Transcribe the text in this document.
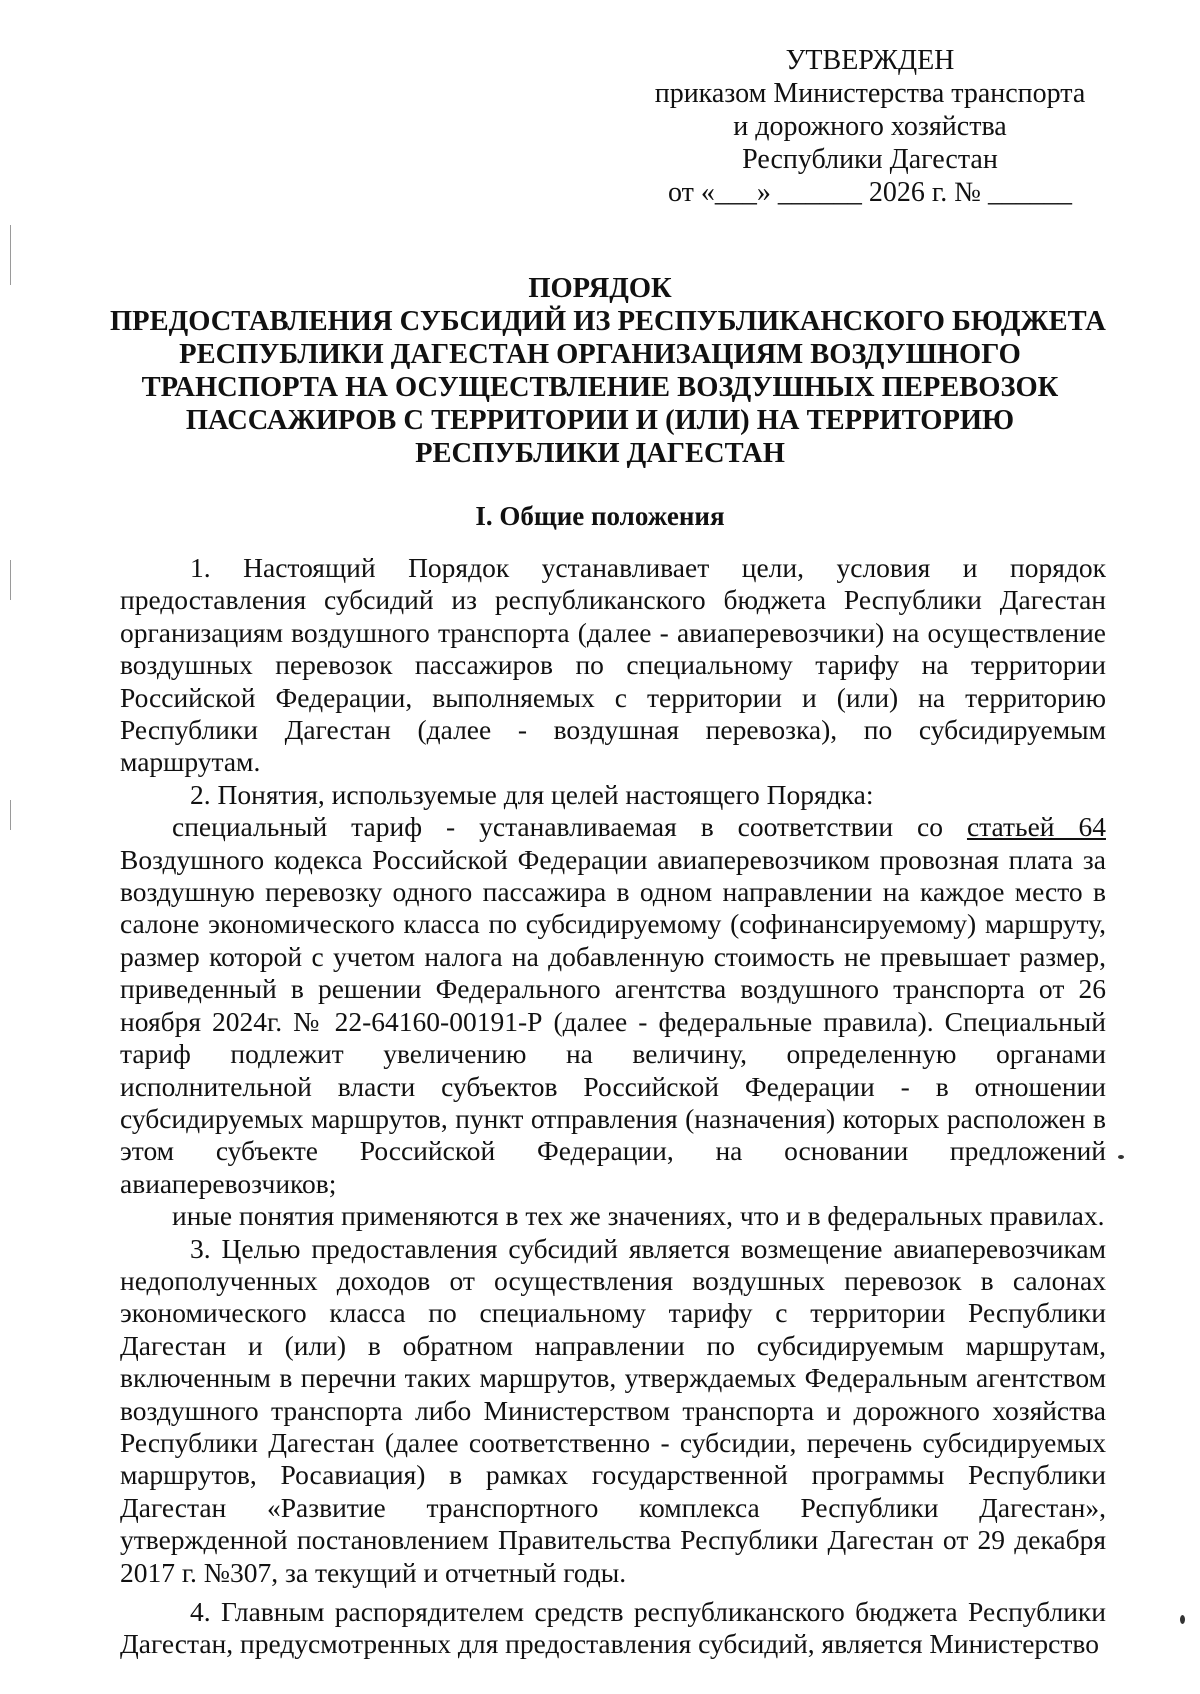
УТВЕРЖДЕН
приказом Министерства транспорта
и дорожного хозяйства
Республики Дагестан
от «___» ______ 2026 г. № ______
ПОРЯДОК
ПРЕДОСТАВЛЕНИЯ СУБСИДИЙ ИЗ РЕСПУБЛИКАНСКОГО БЮДЖЕТА
РЕСПУБЛИКИ ДАГЕСТАН ОРГАНИЗАЦИЯМ ВОЗДУШНОГО
ТРАНСПОРТА НА ОСУЩЕСТВЛЕНИЕ ВОЗДУШНЫХ ПЕРЕВОЗОК
ПАССАЖИРОВ С ТЕРРИТОРИИ И (ИЛИ) НА ТЕРРИТОРИЮ
РЕСПУБЛИКИ ДАГЕСТАН
I. Общие положения

1. Настоящий Порядок устанавливает цели, условия и порядок предоставления субсидий из республиканского бюджета Республики Дагестан организациям воздушного транспорта (далее - авиаперевозчики) на осуществление воздушных перевозок пассажиров по специальному тарифу на территории Российской Федерации, выполняемых с территории и (или) на территорию Республики Дагестан (далее - воздушная перевозка), по субсидируемым маршрутам.

2. Понятия, используемые для целей настоящего Порядка:

специальный тариф - устанавливаемая в соответствии со статьей 64 Воздушного кодекса Российской Федерации авиаперевозчиком провозная плата за воздушную перевозку одного пассажира в одном направлении на каждое место в салоне экономического класса по субсидируемому (софинансируемому) маршруту, размер которой с учетом налога на добавленную стоимость не превышает размер, приведенный в решении Федерального агентства воздушного транспорта от 26 ноября 2024г. № 22-64160-00191-Р (далее - федеральные правила). Специальный тариф подлежит увеличению на величину, определенную органами исполнительной власти субъектов Российской Федерации - в отношении субсидируемых маршрутов, пункт отправления (назначения) которых расположен в этом субъекте Российской Федерации, на основании предложений авиаперевозчиков;

иные понятия применяются в тех же значениях, что и в федеральных правилах.

3. Целью предоставления субсидий является возмещение авиаперевозчикам недополученных доходов от осуществления воздушных перевозок в салонах экономического класса по специальному тарифу с территории Республики Дагестан и (или) в обратном направлении по субсидируемым маршрутам, включенным в перечни таких маршрутов, утверждаемых Федеральным агентством воздушного транспорта либо Министерством транспорта и дорожного хозяйства Республики Дагестан (далее соответственно - субсидии, перечень субсидируемых маршрутов, Росавиация) в рамках государственной программы Республики Дагестан «Развитие транспортного комплекса Республики Дагестан», утвержденной постановлением Правительства Республики Дагестан от 29 декабря 2017 г. №307, за текущий и отчетный годы.

4. Главным распорядителем средств республиканского бюджета Республики Дагестан, предусмотренных для предоставления субсидий, является Министерство
